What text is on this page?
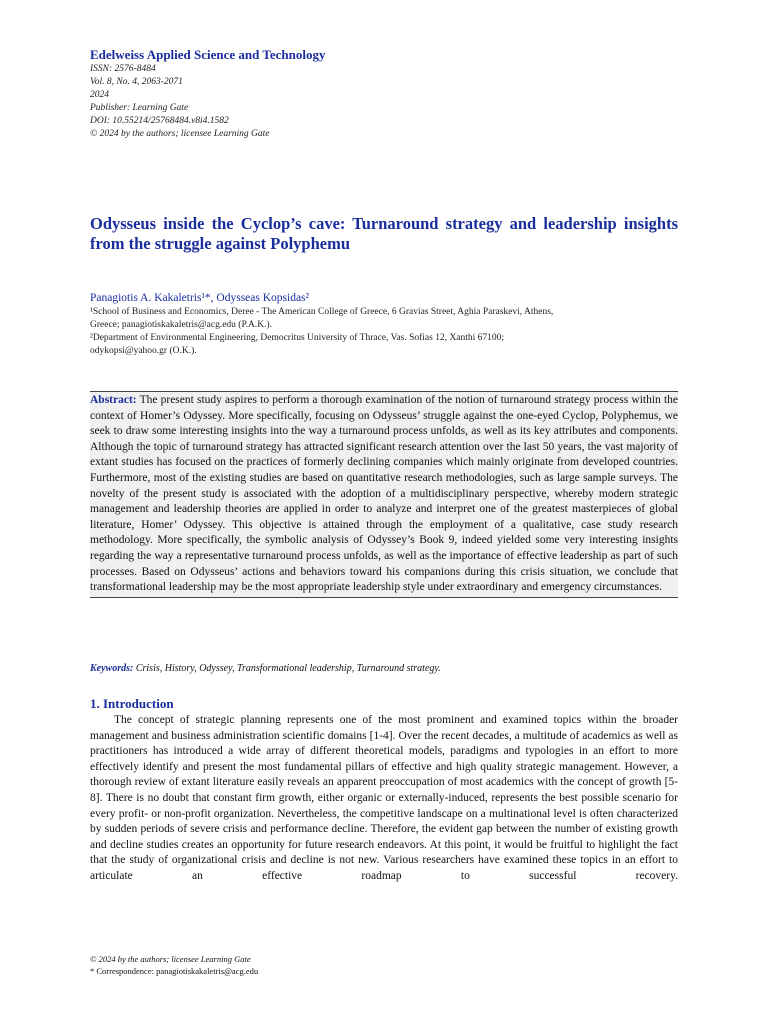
Edelweiss Applied Science and Technology
ISSN: 2576-8484
Vol. 8, No. 4, 2063-2071
2024
Publisher: Learning Gate
DOI: 10.55214/25768484.v8i4.1582
© 2024 by the authors; licensee Learning Gate
Odysseus inside the Cyclop’s cave: Turnaround strategy and leadership insights from the struggle against Polyphemu
Panagiotis A. Kakaletris¹*, Odysseas Kopsidas²
¹School of Business and Economics, Deree - The American College of Greece, 6 Gravias Street, Aghia Paraskevi, Athens,
Greece; panagiotiskakaletris@acg.edu (P.A.K.).
²Department of Environmental Engineering, Democritus University of Thrace, Vas. Sofias 12, Xanthi 67100;
odykopsi@yahoo.gr (O.K.).
Abstract: The present study aspires to perform a thorough examination of the notion of turnaround strategy process within the context of Homer’s Odyssey. More specifically, focusing on Odysseus’ struggle against the one-eyed Cyclop, Polyphemus, we seek to draw some interesting insights into the way a turnaround process unfolds, as well as its key attributes and components. Although the topic of turnaround strategy has attracted significant research attention over the last 50 years, the vast majority of extant studies has focused on the practices of formerly declining companies which mainly originate from developed countries. Furthermore, most of the existing studies are based on quantitative research methodologies, such as large sample surveys. The novelty of the present study is associated with the adoption of a multidisciplinary perspective, whereby modern strategic management and leadership theories are applied in order to analyze and interpret one of the greatest masterpieces of global literature, Homer’ Odyssey. This objective is attained through the employment of a qualitative, case study research methodology. More specifically, the symbolic analysis of Odyssey’s Book 9, indeed yielded some very interesting insights regarding the way a representative turnaround process unfolds, as well as the importance of effective leadership as part of such processes. Based on Odysseus’ actions and behaviors toward his companions during this crisis situation, we conclude that transformational leadership may be the most appropriate leadership style under extraordinary and emergency circumstances.
Keywords: Crisis, History, Odyssey, Transformational leadership, Turnaround strategy.
1. Introduction

The concept of strategic planning represents one of the most prominent and examined topics within the broader management and business administration scientific domains [1-4]. Over the recent decades, a multitude of academics as well as practitioners has introduced a wide array of different theoretical models, paradigms and typologies in an effort to more effectively identify and present the most fundamental pillars of effective and high quality strategic management. However, a thorough review of extant literature easily reveals an apparent preoccupation of most academics with the concept of growth [5-8]. There is no doubt that constant firm growth, either organic or externally-induced, represents the best possible scenario for every profit- or non-profit organization. Nevertheless, the competitive landscape on a multinational level is often characterized by sudden periods of severe crisis and performance decline. Therefore, the evident gap between the number of existing growth and decline studies creates an opportunity for future research endeavors. At this point, it would be fruitful to highlight the fact that the study of organizational crisis and decline is not new. Various researchers have examined these topics in an effort to articulate an effective roadmap to successful recovery.

© 2024 by the authors; licensee Learning Gate
* Correspondence: panagiotiskakaletris@acg.edu
